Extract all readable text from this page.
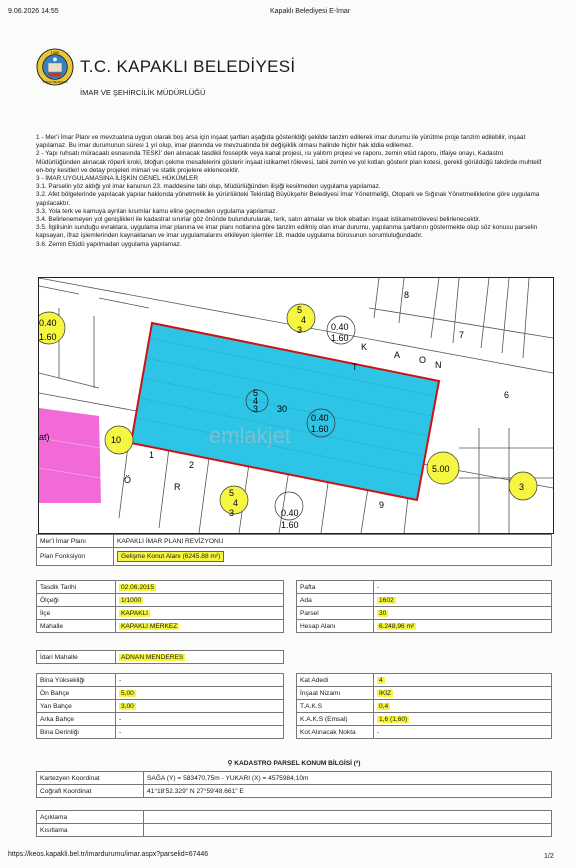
9.06.2026 14:55	Kapaklı Belediyesi E-İmar
1986
KAPAKLI BELEDİYESİ
T.C. KAPAKLI BELEDİYESİ
İMAR VE ŞEHİRCİLİK MÜDÜRLÜĞÜ
1 - Mer'i İmar Planı ve mevzuatına uygun olarak boş arsa için inşaat şartları aşağıda gösterildiği şekilde tanzim edilerek imar durumu ile yürütme proje tanzim edilebilir, inşaat yapılamaz. Bu imar durumunun süresi 1 yıl olup, imar planında ve mevzuatında bir değişiklik olması halinde hiçbir hak iddia edilemez.
2 - Yapı ruhsatı müracaatı esnasında TESKİ' den alınacak tasdikli fosseptik veya kanal projesi, ısı yalıtım projesi ve raporu, zemin etüd raporu, itfaiye onayı, Kadastro Müdürlüğünden alınacak röperli kroki, bloğun çekme mesafelerini gösterir inşaat istikamet rölevesi, tabii zemin ve yol kotları gösterir plan kotesi, gerekli görüldüğü takdirde muhtelif en-boy kesitleri ve detay projeleri mimari ve statik projelere eklenecektir.
3 - İMAR UYGULAMASINA İLİŞKİN GENEL HÜKÜMLER
3.1. Parselin yöz aldığı yol imar kanunun 23. maddesine tabi olup, Müdürlüğünden ilişiği kesilmeden uygulama yapılamaz.
3.2. Afet bölgelerinde yapılacak yapılar hakkında yönetmelik ile yürürlükteki Tekirdağ Büyükşehir Belediyesi İmar Yönetmeliği, Otopark ve Sığınak Yönetmeliklerine göre uygulama yapılacaktır.
3.3. Yola terk ve kamuya ayrılan kısımlar kamu eline geçmeden uygulama yapılamaz.
3.4. Belirlenemeyen yol genişlikleri ile kadastral sınırlar göz önünde bulundurularak, terk, satın almalar ve blok ebatları inşaat istikametrölevesi belirlenecektir.
3.5. İlgilisinin sunduğu evraklara, uygulama imar planına ve imar planı notlarına göre tanzim edilmiş olan imar durumu, yapılanma şartlarını göstermekte olup söz konusu parselin kapsayan, ifraz işlemlerinden kaynaklanan ve imar uygulamalarını etkileyen işlemler 18. madde uygulama bürosunun sorumluluğundadır.
3.6. Zemin Etüdü yapılmadan uygulama yapılamaz.
0.40
1.60
5
4
3	0.40
1.60
5
4
3 30
0.40
1.60
10
at)
5
4
3	0.40
1.60
5.00
3
2
1
9
8
7
6
Ö
R
T
A
K
O N
emlakjet
Mer'i İmar Planı	KAPAKLI İMAR PLANI REVİZYONU
Plan Fonksiyon	Gelişme Konut Alanı (6245.88 m²)
Tasdik Tarihi	02.06.2015
Ölçeği	1/1000
İlçe	KAPAKLI
Mahalle	KAPAKLI MERKEZ
Pafta	-
Ada	1602
Parsel	30
Hesap Alanı	6.248,96 m²
İdari Mahalle	ADNAN MENDERES
Bina Yüksekliği	-
Ön Bahçe	5,00
Yan Bahçe	3,00
Arka Bahçe	-
Bina Derinliği	-
Kat Adedi	4
İnşaat Nizamı	İKİZ
T.A.K.S	0,4
K.A.K.S (Emsal)	1,6 (1,60)
Kot Alınacak Nokta	-
⚲ KADASTRO PARSEL KONUM BİLGİSİ (²)
Kartezyen Koordinat	SAĞA (Y) = 583470,75m - YUKARI (X) = 4575984,10m
Coğrafi Koordinat	41°18'52.329" N 27°59'48.661" E
Açıklama	
Kısıtlama	
https://keos.kapakli.bel.tr/imardurumu/imar.aspx?parselid=67446	1/2
